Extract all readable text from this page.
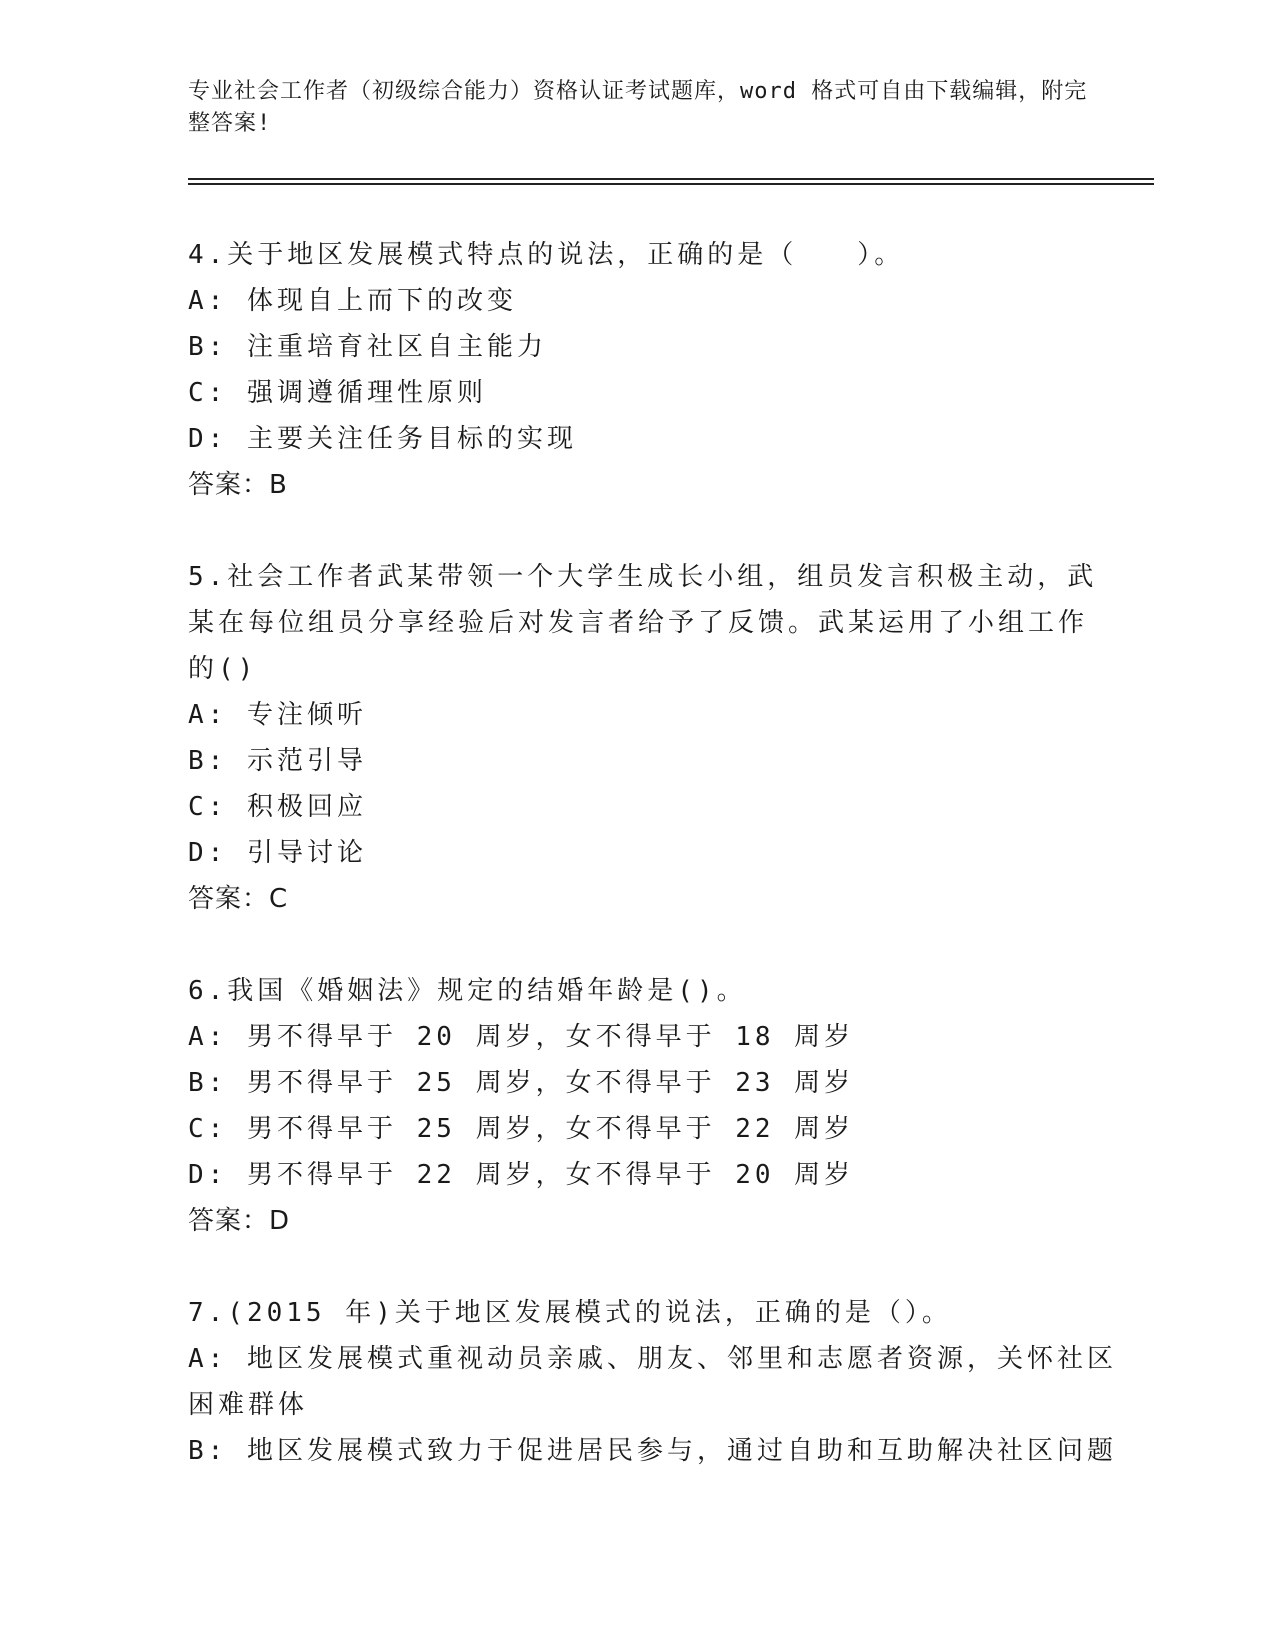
专业社会工作者（初级综合能力）资格认证考试题库，word 格式可自由下载编辑，附完整答案!
4.关于地区发展模式特点的说法，正确的是（　　）。
A: 体现自上而下的改变
B: 注重培育社区自主能力
C: 强调遵循理性原则
D: 主要关注任务目标的实现
答案：B
5.社会工作者武某带领一个大学生成长小组，组员发言积极主动，武
某在每位组员分享经验后对发言者给予了反馈。武某运用了小组工作
的()
A: 专注倾听
B: 示范引导
C: 积极回应
D: 引导讨论
答案：C
6.我国《婚姻法》规定的结婚年龄是()。
A: 男不得早于 20 周岁，女不得早于 18 周岁
B: 男不得早于 25 周岁，女不得早于 23 周岁
C: 男不得早于 25 周岁，女不得早于 22 周岁
D: 男不得早于 22 周岁，女不得早于 20 周岁
答案：D
7.(2015 年)关于地区发展模式的说法，正确的是（）。
A: 地区发展模式重视动员亲戚、朋友、邻里和志愿者资源，关怀社区
困难群体
B: 地区发展模式致力于促进居民参与，通过自助和互助解决社区问题
